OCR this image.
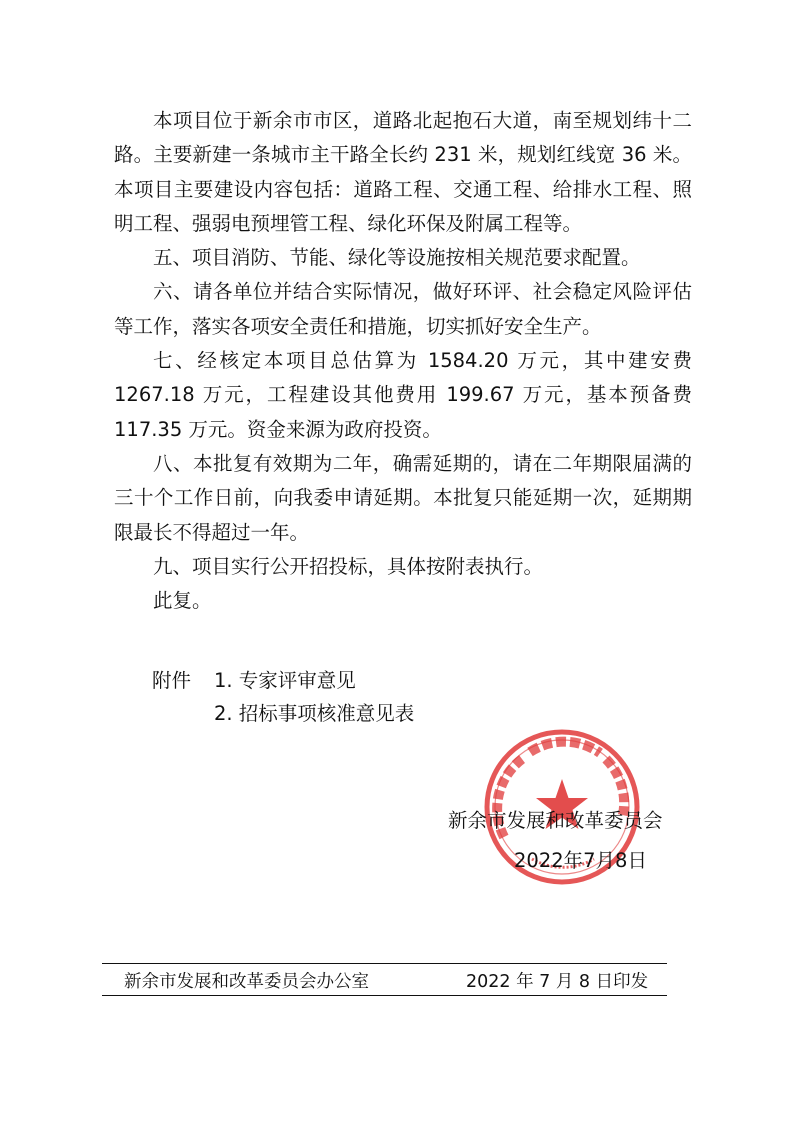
本项目位于新余市市区，道路北起抱石大道，南至规划纬十二路。主要新建一条城市主干路全长约 231 米，规划红线宽 36 米。本项目主要建设内容包括：道路工程、交通工程、给排水工程、照明工程、强弱电预埋管工程、绿化环保及附属工程等。

五、项目消防、节能、绿化等设施按相关规范要求配置。

六、请各单位并结合实际情况，做好环评、社会稳定风险评估等工作，落实各项安全责任和措施，切实抓好安全生产。

七、经核定本项目总估算为 1584.20 万元，其中建安费 1267.18 万元，工程建设其他费用 199.67 万元，基本预备费 117.35 万元。资金来源为政府投资。

八、本批复有效期为二年，确需延期的，请在二年期限届满的三十个工作日前，向我委申请延期。本批复只能延期一次，延期期限最长不得超过一年。

九、项目实行公开招投标，具体按附表执行。

此复。

附件	1. 专家评审意见
2. 招标事项核准意见表
新余市发展和改革委员会
2022年7月8日
新余市发展和改革委员会办公室	2022 年 7 月 8 日印发
